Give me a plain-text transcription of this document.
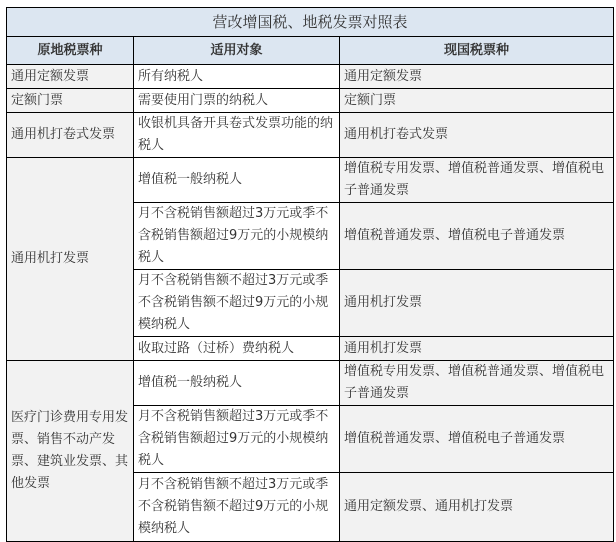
营改增国税、地税发票对照表		
原地税票种	适用对象	现国税票种
通用定额发票	所有纳税人	通用定额发票
定额门票	需要使用门票的纳税人	定额门票
通用机打卷式发票	收银机具备开具卷式发票功能的纳税人	通用机打卷式发票
通用机打发票	增值税一般纳税人	增值税专用发票、增值税普通发票、增值税电子普通发票
	月不含税销售额超过3万元或季不含税销售额超过9万元的小规模纳税人	增值税普通发票、增值税电子普通发票
	月不含税销售额不超过3万元或季不含税销售额不超过9万元的小规模纳税人	通用机打发票
	收取过路（过桥）费纳税人	通用机打发票
医疗门诊费用专用发票、销售不动产发票、建筑业发票、其他发票	增值税一般纳税人	增值税专用发票、增值税普通发票、增值税电子普通发票
	月不含税销售额超过3万元或季不含税销售额超过9万元的小规模纳税人	增值税普通发票、增值税电子普通发票
	月不含税销售额不超过3万元或季不含税销售额不超过9万元的小规模纳税人	通用定额发票、通用机打发票
